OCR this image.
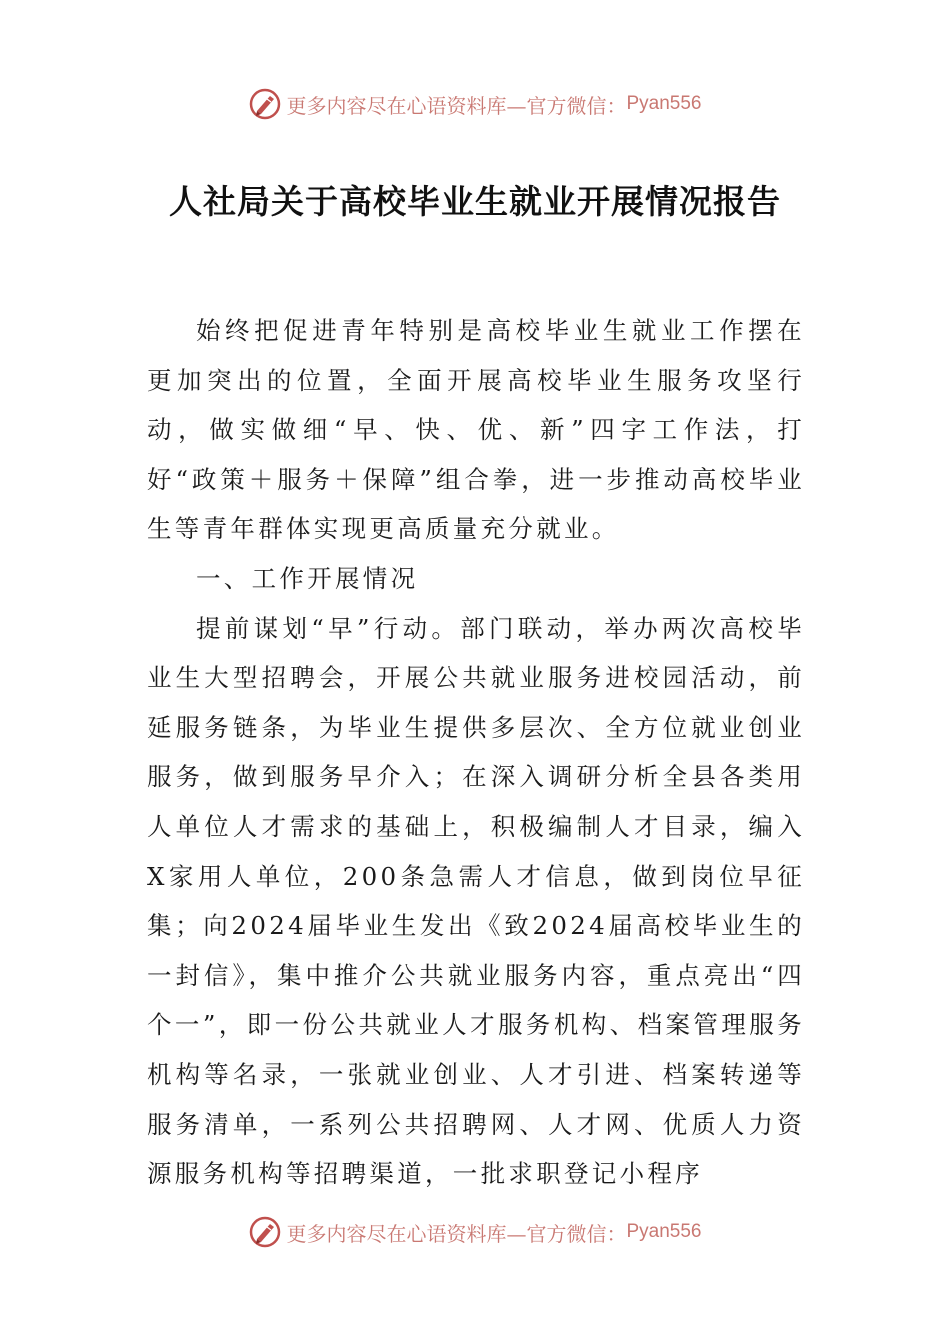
更多内容尽在心语资料库—官方微信： Pyan556
人社局关于高校毕业生就业开展情况报告

始终把促进青年特别是高校毕业生就业工作摆在更加突出的位置，全面开展高校毕业生服务攻坚行动，做实做细“早、快、优、新”四字工作法，打好“政策＋服务＋保障”组合拳，进一步推动高校毕业生等青年群体实现更高质量充分就业。

一、工作开展情况

提前谋划“早”行动。部门联动，举办两次高校毕业生大型招聘会，开展公共就业服务进校园活动，前延服务链条，为毕业生提供多层次、全方位就业创业服务，做到服务早介入；在深入调研分析全县各类用人单位人才需求的基础上，积极编制人才目录，编入X家用人单位，200条急需人才信息，做到岗位早征集；向2024届毕业生发出《致2024届高校毕业生的一封信》，集中推介公共就业服务内容，重点亮出“四个一”，即一份公共就业人才服务机构、档案管理服务机构等名录，一张就业创业、人才引进、档案转递等服务清单，一系列公共招聘网、人才网、优质人力资源服务机构等招聘渠道，一批求职登记小程序

更多内容尽在心语资料库—官方微信： Pyan556
